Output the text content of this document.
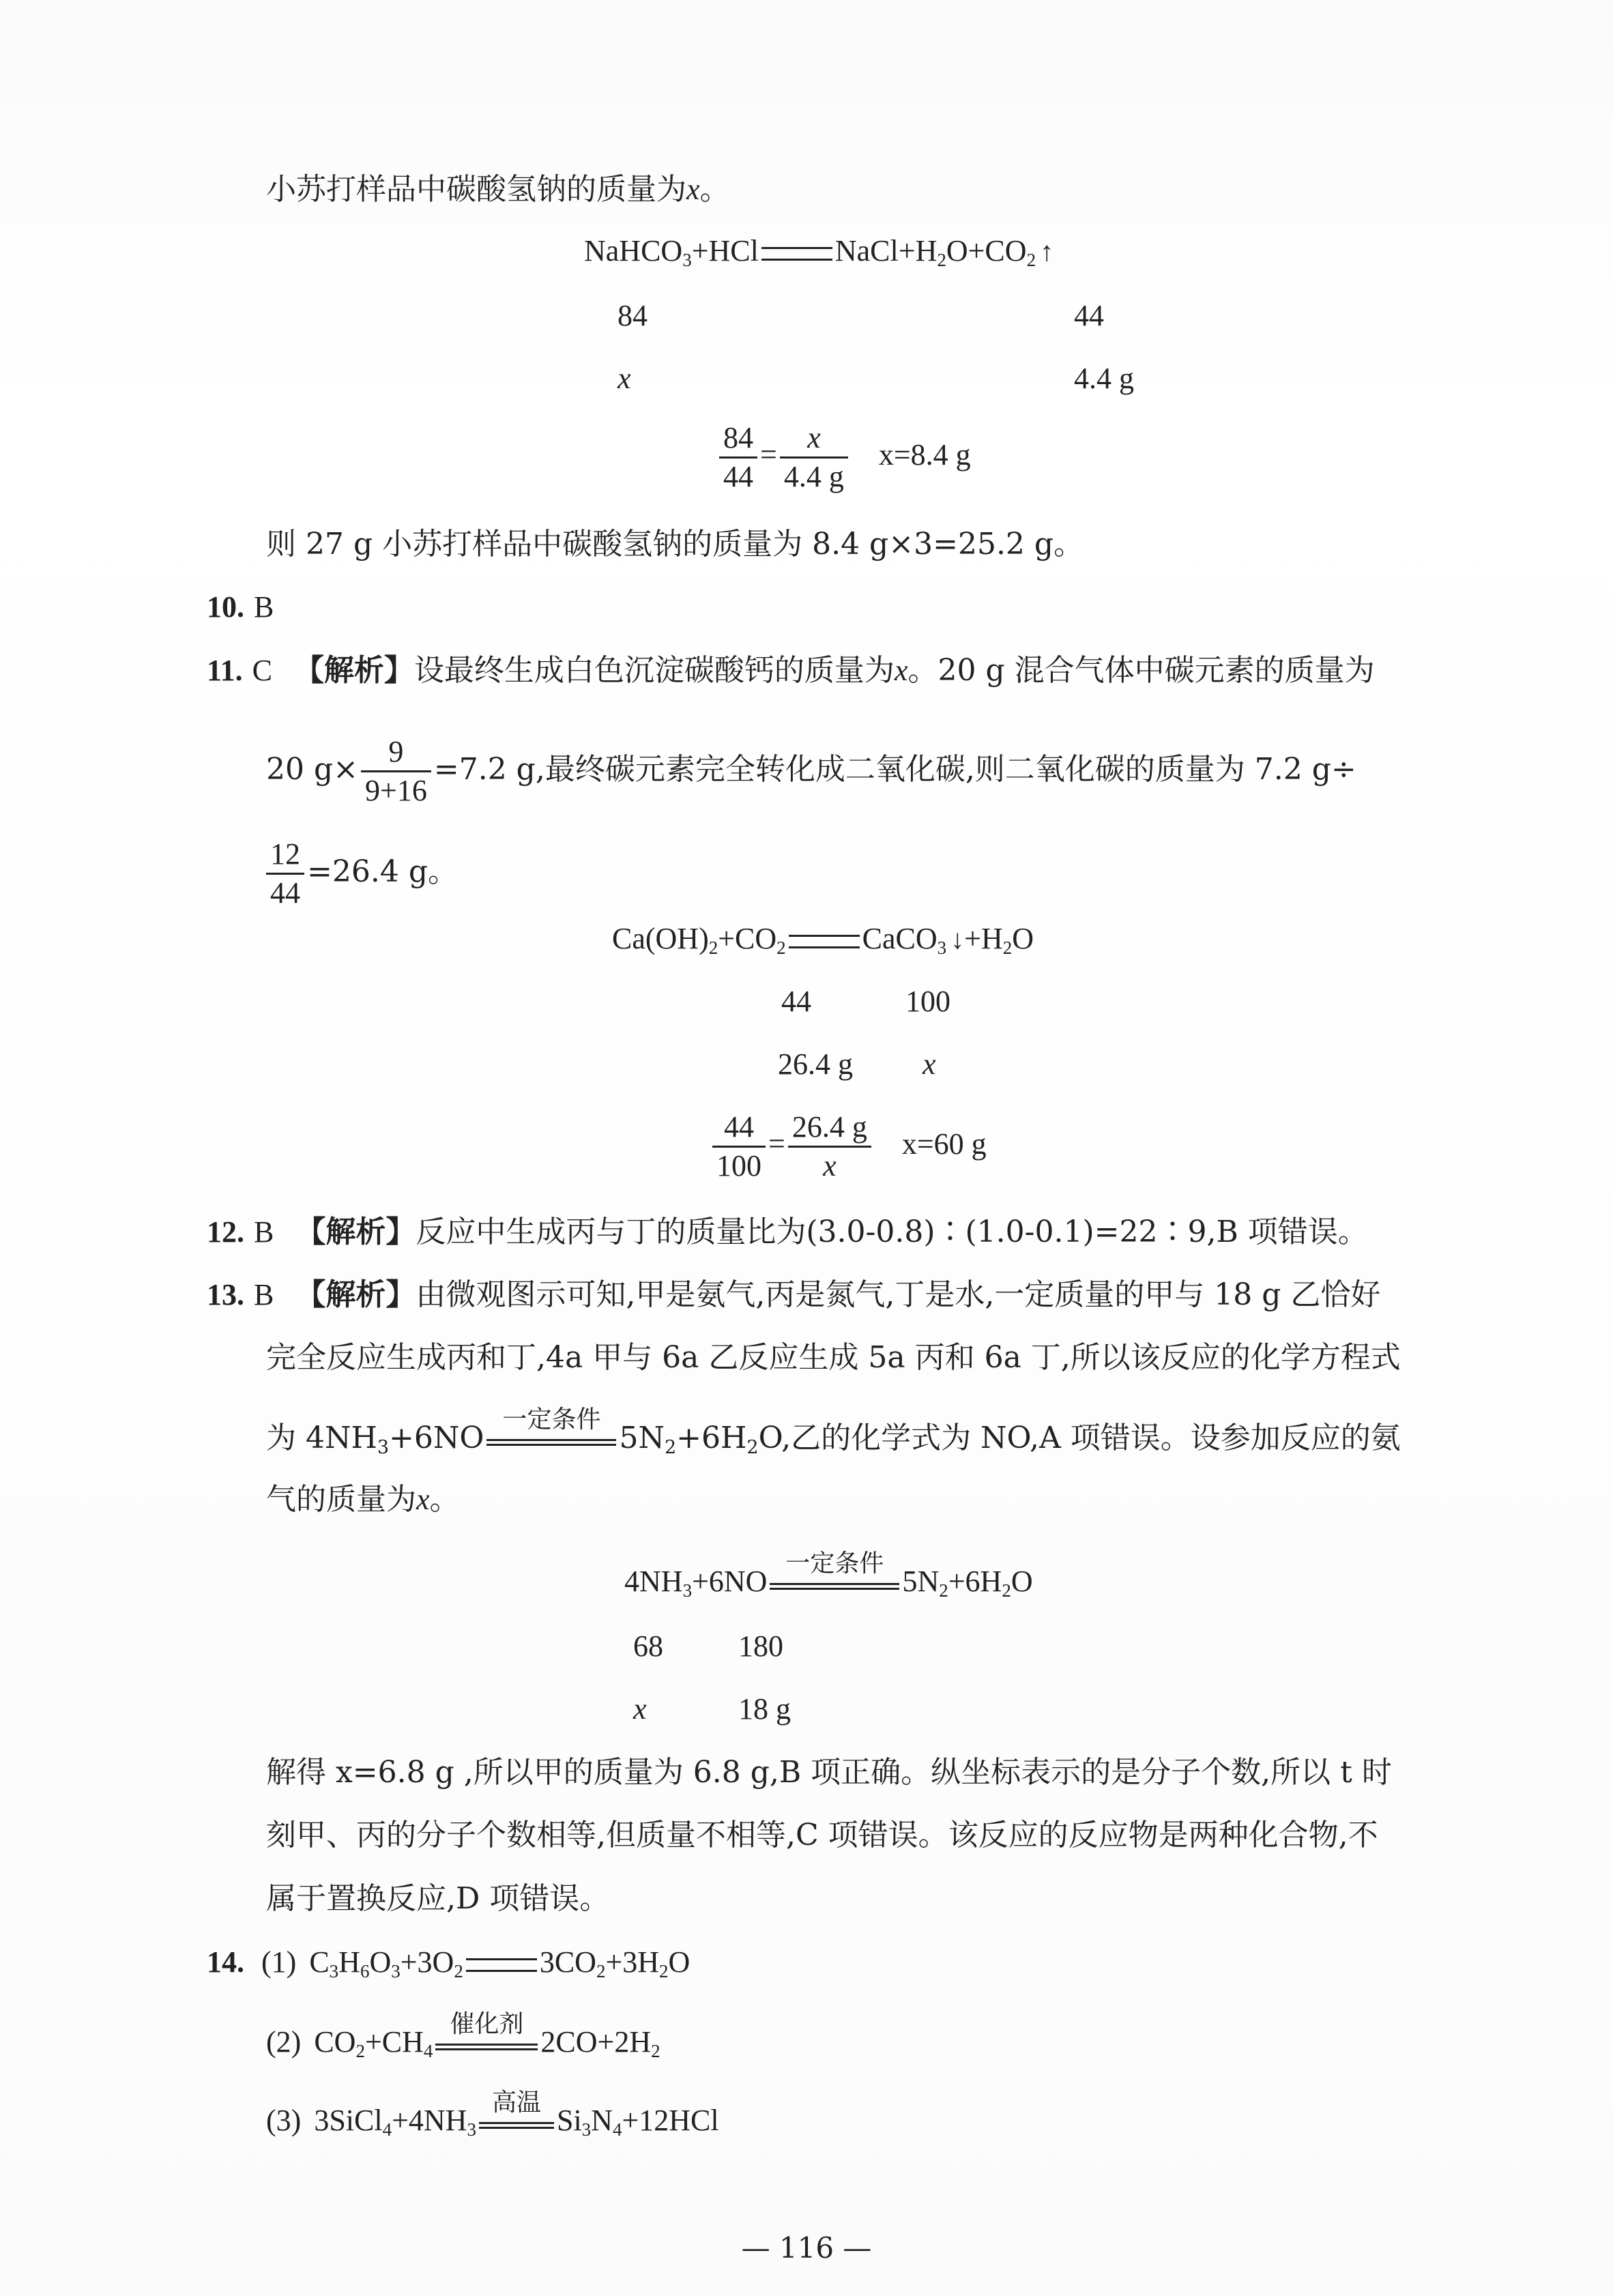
小苏打样品中碳酸氢钠的质量为x。
NaHCO$_3$+HCl	$NaCl+H_2O+CO_2$ ↑
84	44
x	4.4 g
$\frac{84}{44} = \frac{x}{4.4 g} x=8.4$ g
则 27 g 小苏打样品中碳酸氢钠的质量为 8.4 g×3=25.2 g。
10. B
11. C 【解析】设最终生成白色沉淀碳酸钙的质量为x。20 g 混合气体中碳元素的质量为
20 $g\times \frac{9}{9+16} =7.2$ g,最终碳元素完全转化成二氧化碳,则二氧化碳的质量为 7.2 g÷
$\frac{12}{44} =26.4$ g。
$Ca(OH)_2+CO_2$	CaCO$_3$ $↓+H_2O$
44	100
26.4 g x
$\frac{44}{100} = \frac{26.4 g}{x} x=60$ g
12. B 【解析】反应中生成丙与丁的质量比为(3.0-0.8)∶(1.0-0.1)=22∶9,B 项错误。
13. B 【解析】由微观图示可知,甲是氨气,丙是氮气,丁是水,一定质量的甲与 18 g 乙恰好
完全反应生成丙和丁,4a 甲与 6a 乙反应生成 5a 丙和 6a 丁,所以该反应的化学方程式
为 $4NH_3+6NO$
一定条件
$5N_2+6H_2O$,乙的化学式为 NO,A 项错误。设参加反应的氨
气的质量为x。
$4NH_3+6NO$
一定条件
$5N_2+6H_2O$
68	180
x	18 g
解得 x=6.8 g ,所以甲的质量为 6.8 g,B 项正确。纵坐标表示的是分子个数,所以 t 时
刻甲、丙的分子个数相等,但质量不相等,C 项错误。该反应的反应物是两种化合物,不
属于置换反应,D 项错误。
14. (1) $C_3H_6O_3+3O_2$	$3CO_2+3H_2O$
(2) $CO_2+CH_4$
催化剂
$2CO+2H_2$
(3) $3SiCl_4+4NH_3$
高温
$Si_3N_4+12HCl$
— 116 —
